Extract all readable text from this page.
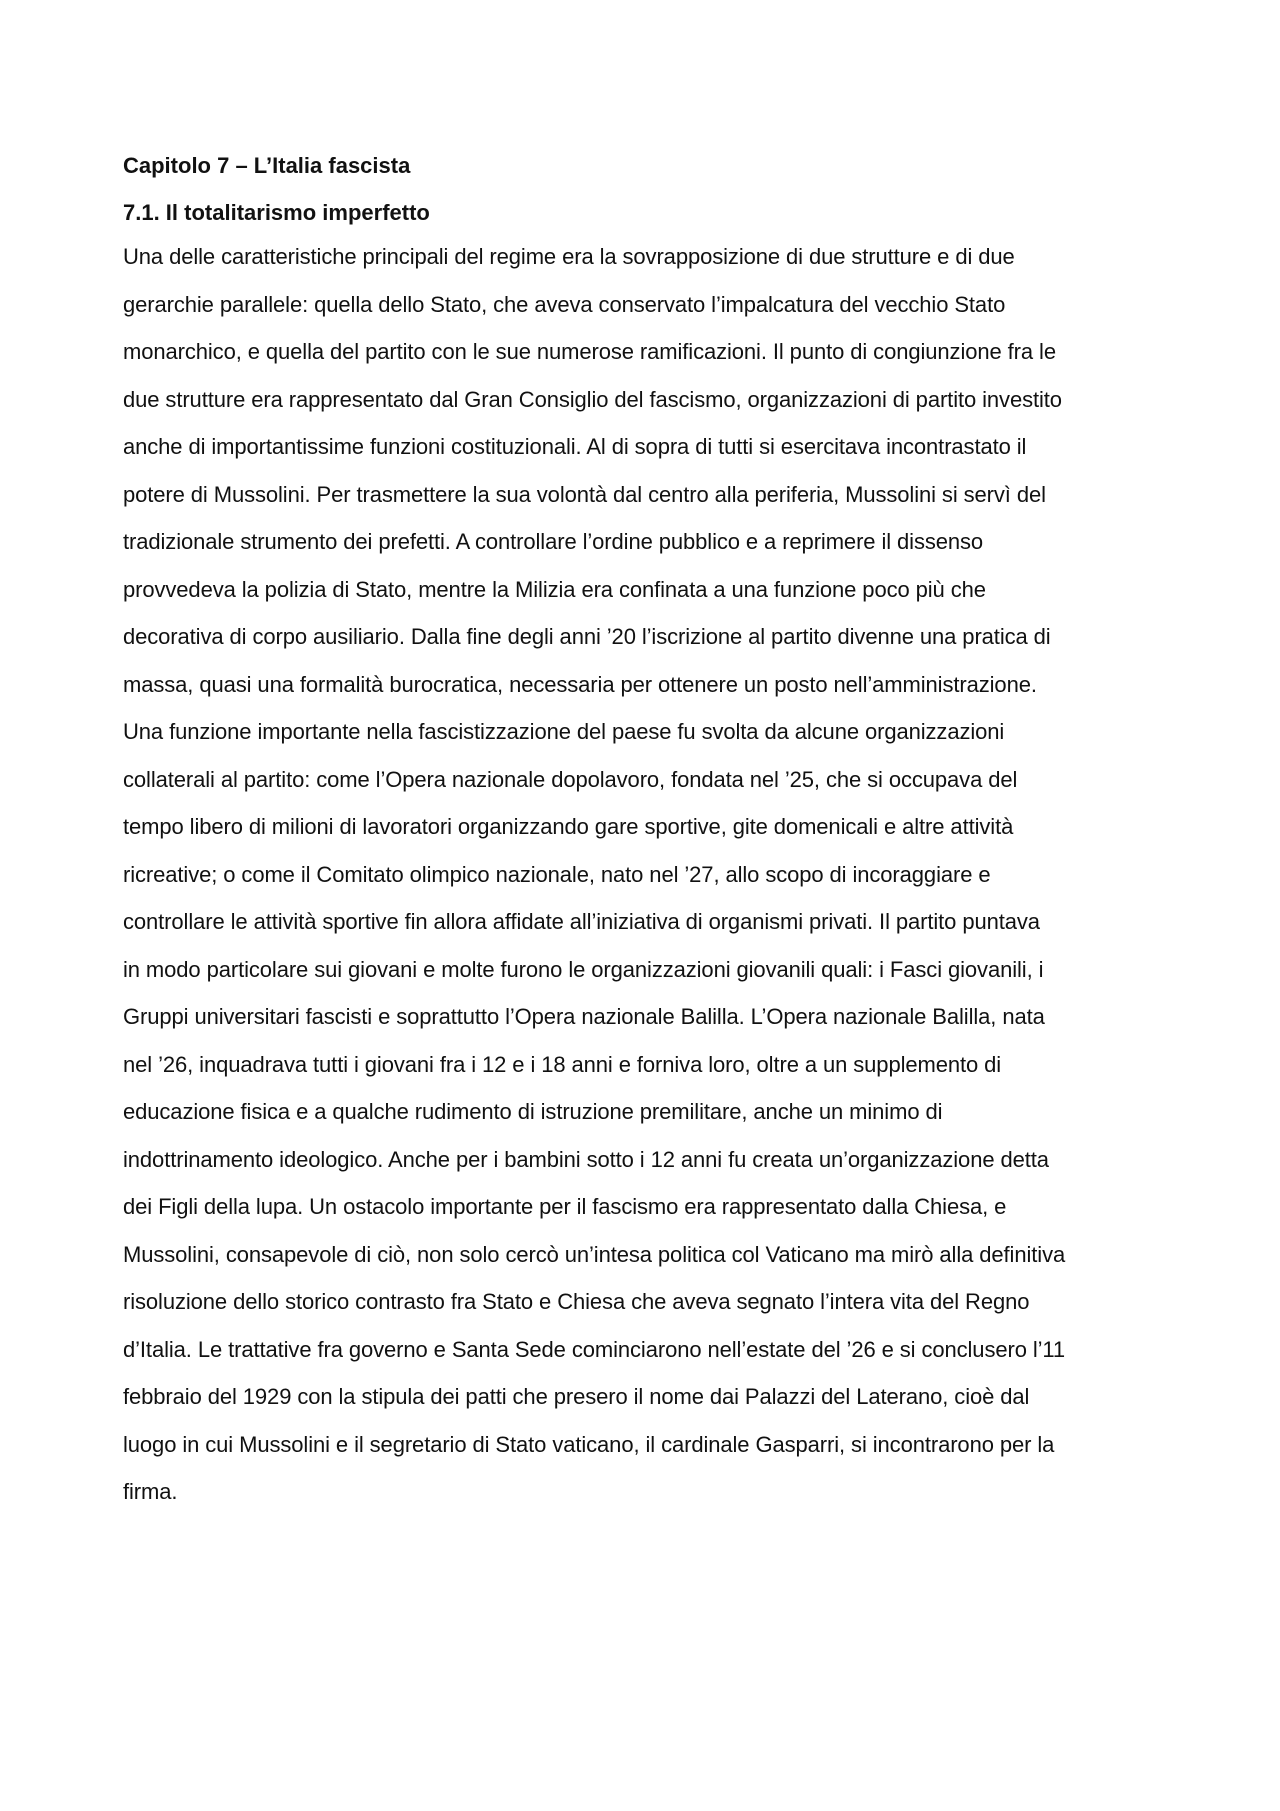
Capitolo 7 – L’Italia fascista
7.1. Il totalitarismo imperfetto
Una delle caratteristiche principali del regime era la sovrapposizione di due strutture e di due
gerarchie parallele: quella dello Stato, che aveva conservato l’impalcatura del vecchio Stato
monarchico, e quella del partito con le sue numerose ramificazioni. Il punto di congiunzione fra le
due strutture era rappresentato dal Gran Consiglio del fascismo, organizzazioni di partito investito
anche di importantissime funzioni costituzionali. Al di sopra di tutti si esercitava incontrastato il
potere di Mussolini. Per trasmettere la sua volontà dal centro alla periferia, Mussolini si servì del
tradizionale strumento dei prefetti. A controllare l’ordine pubblico e a reprimere il dissenso
provvedeva la polizia di Stato, mentre la Milizia era confinata a una funzione poco più che
decorativa di corpo ausiliario. Dalla fine degli anni ’20 l’iscrizione al partito divenne una pratica di
massa, quasi una formalità burocratica, necessaria per ottenere un posto nell’amministrazione.
Una funzione importante nella fascistizzazione del paese fu svolta da alcune organizzazioni
collaterali al partito: come l’Opera nazionale dopolavoro, fondata nel ’25, che si occupava del
tempo libero di milioni di lavoratori organizzando gare sportive, gite domenicali e altre attività
ricreative; o come il Comitato olimpico nazionale, nato nel ’27, allo scopo di incoraggiare e
controllare le attività sportive fin allora affidate all’iniziativa di organismi privati. Il partito puntava
in modo particolare sui giovani e molte furono le organizzazioni giovanili quali: i Fasci giovanili, i
Gruppi universitari fascisti e soprattutto l’Opera nazionale Balilla. L’Opera nazionale Balilla, nata
nel ’26, inquadrava tutti i giovani fra i 12 e i 18 anni e forniva loro, oltre a un supplemento di
educazione fisica e a qualche rudimento di istruzione premilitare, anche un minimo di
indottrinamento ideologico. Anche per i bambini sotto i 12 anni fu creata un’organizzazione detta
dei Figli della lupa. Un ostacolo importante per il fascismo era rappresentato dalla Chiesa, e
Mussolini, consapevole di ciò, non solo cercò un’intesa politica col Vaticano ma mirò alla definitiva
risoluzione dello storico contrasto fra Stato e Chiesa che aveva segnato l’intera vita del Regno
d’Italia. Le trattative fra governo e Santa Sede cominciarono nell’estate del ’26 e si conclusero l’11
febbraio del 1929 con la stipula dei patti che presero il nome dai Palazzi del Laterano, cioè dal
luogo in cui Mussolini e il segretario di Stato vaticano, il cardinale Gasparri, si incontrarono per la
firma.
